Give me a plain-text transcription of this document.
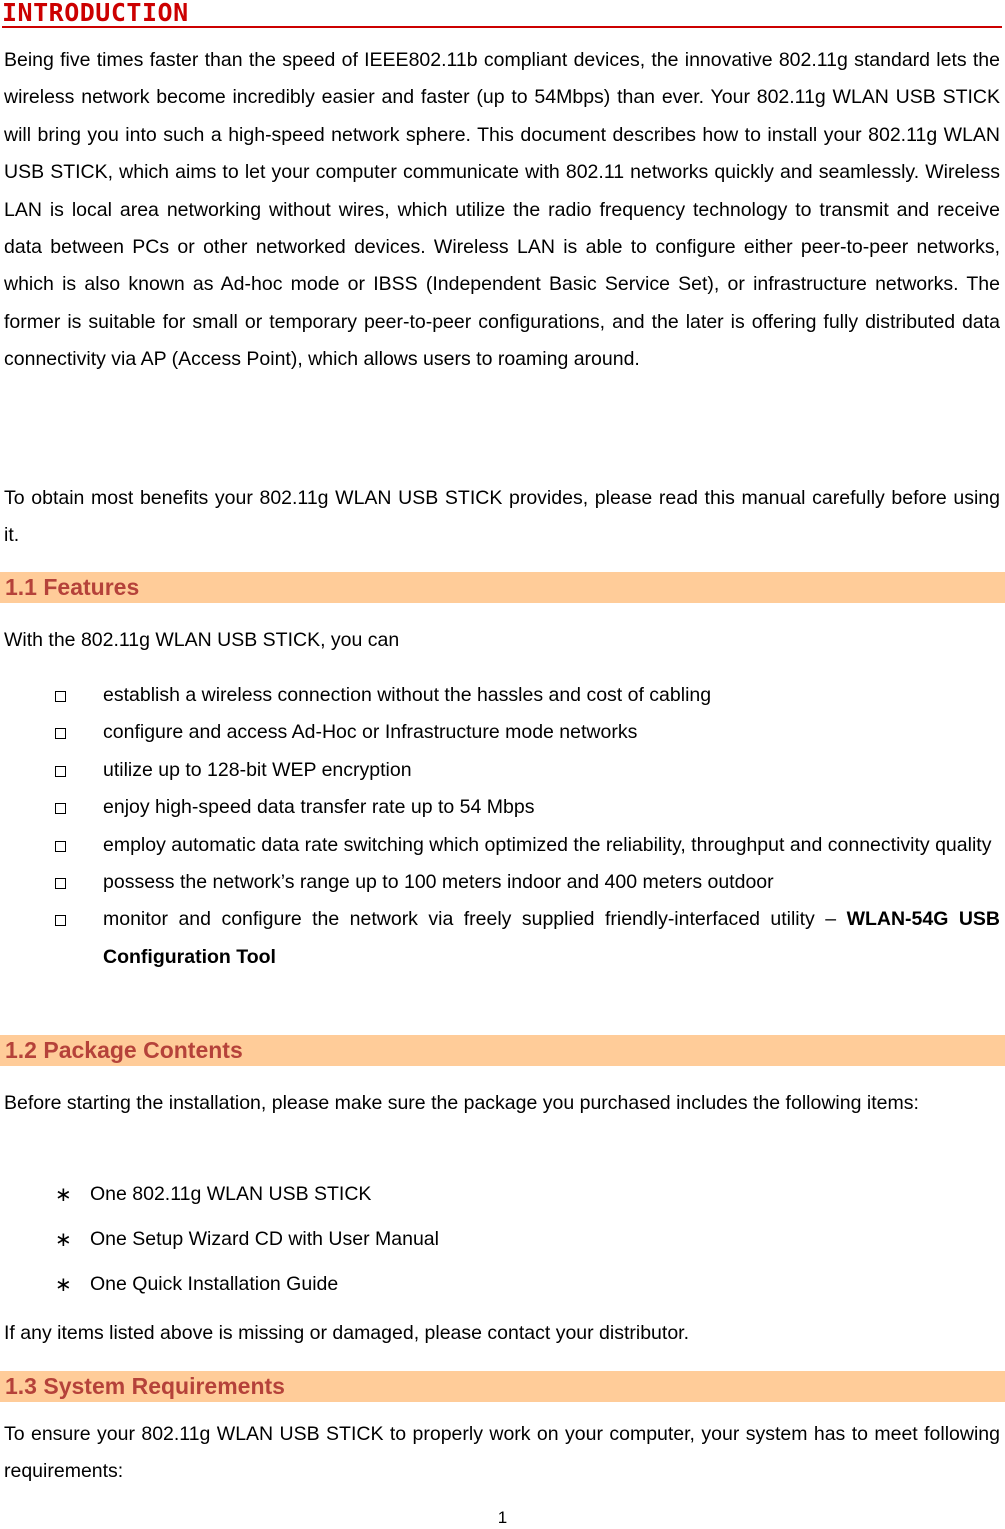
INTRODUCTION
Being five times faster than the speed of IEEE802.11b compliant devices, the innovative 802.11g standard lets the wireless network become incredibly easier and faster (up to 54Mbps) than ever. Your 802.11g WLAN USB STICK will bring you into such a high-speed network sphere. This document describes how to install your 802.11g WLAN USB STICK, which aims to let your computer communicate with 802.11 networks quickly and seamlessly. Wireless LAN is local area networking without wires, which utilize the radio frequency technology to transmit and receive data between PCs or other networked devices. Wireless LAN is able to configure either peer-to-peer networks, which is also known as Ad-hoc mode or IBSS (Independent Basic Service Set), or infrastructure networks. The former is suitable for small or temporary peer-to-peer configurations, and the later is offering fully distributed data connectivity via AP (Access Point), which allows users to roaming around.
To obtain most benefits your 802.11g WLAN USB STICK provides, please read this manual carefully before using it.
1.1 Features
With the 802.11g WLAN USB STICK, you can
establish a wireless connection without the hassles and cost of cabling
configure and access Ad-Hoc or Infrastructure mode networks
utilize up to 128-bit WEP encryption
enjoy high-speed data transfer rate up to 54 Mbps
employ automatic data rate switching which optimized the reliability, throughput and connectivity quality
possess the network’s range up to 100 meters indoor and 400 meters outdoor
monitor and configure the network via freely supplied friendly-interfaced utility – WLAN-54G USB Configuration Tool
1.2 Package Contents
Before starting the installation, please make sure the package you purchased includes the following items:
∗ One 802.11g WLAN USB STICK
∗ One Setup Wizard CD with User Manual
∗ One Quick Installation Guide
If any items listed above is missing or damaged, please contact your distributor.
1.3 System Requirements
To ensure your 802.11g WLAN USB STICK to properly work on your computer, your system has to meet following requirements:
1
